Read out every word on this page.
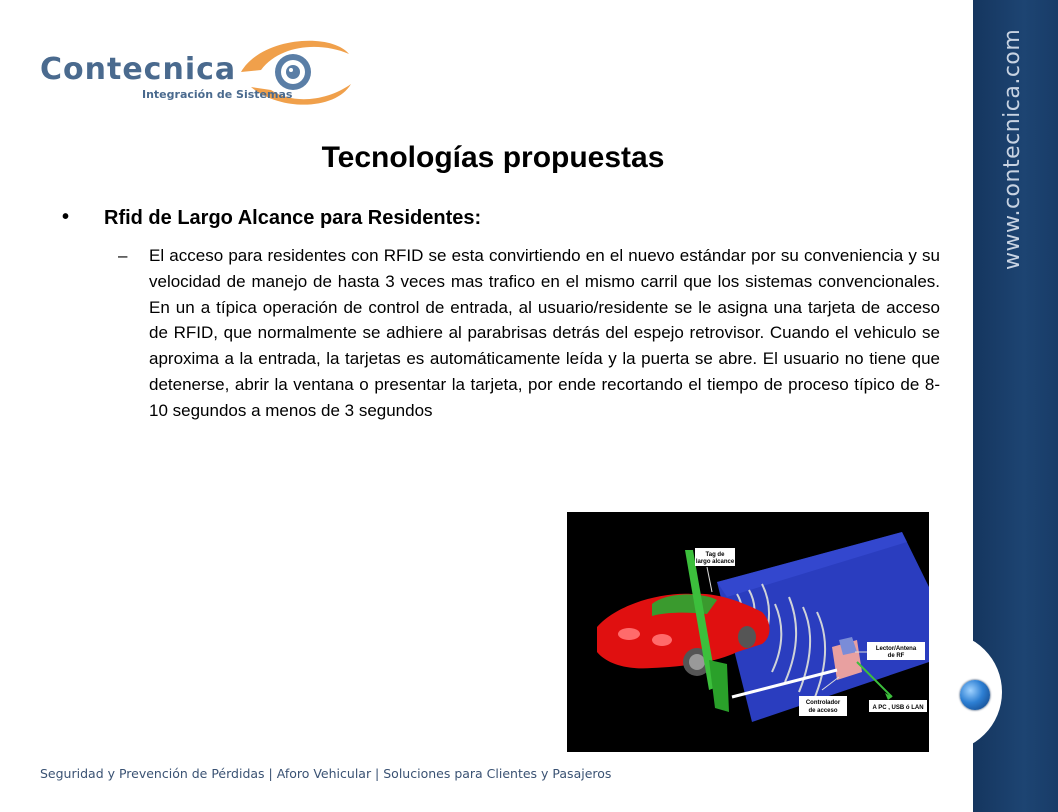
Contecnica
Integración de Sistemas	www.contecnica.com
Tecnologías propuestas
• Rfid de Largo Alcance para Residentes:
– El acceso para residentes con RFID se esta convirtiendo en el nuevo estándar por su conveniencia y su velocidad de manejo de hasta 3 veces mas trafico en el mismo carril que los sistemas convencionales. En un a típica operación de control de entrada, al usuario/residente se le asigna una tarjeta de acceso de RFID, que normalmente se adhiere al parabrisas detrás del espejo retrovisor. Cuando el vehiculo se aproxima a la entrada, la tarjetas es automáticamente leída y la puerta se abre. El usuario no tiene que detenerse, abrir la ventana o presentar la tarjeta, por ende recortando el tiempo de proceso típico de 8-10 segundos a menos de 3 segundos
Tag de
largo alcance
Lector/Antena
de RF
Controlador
de acceso	A PC , USB ó LAN
Seguridad y Prevención de Pérdidas | Aforo Vehicular | Soluciones para Clientes y Pasajeros
